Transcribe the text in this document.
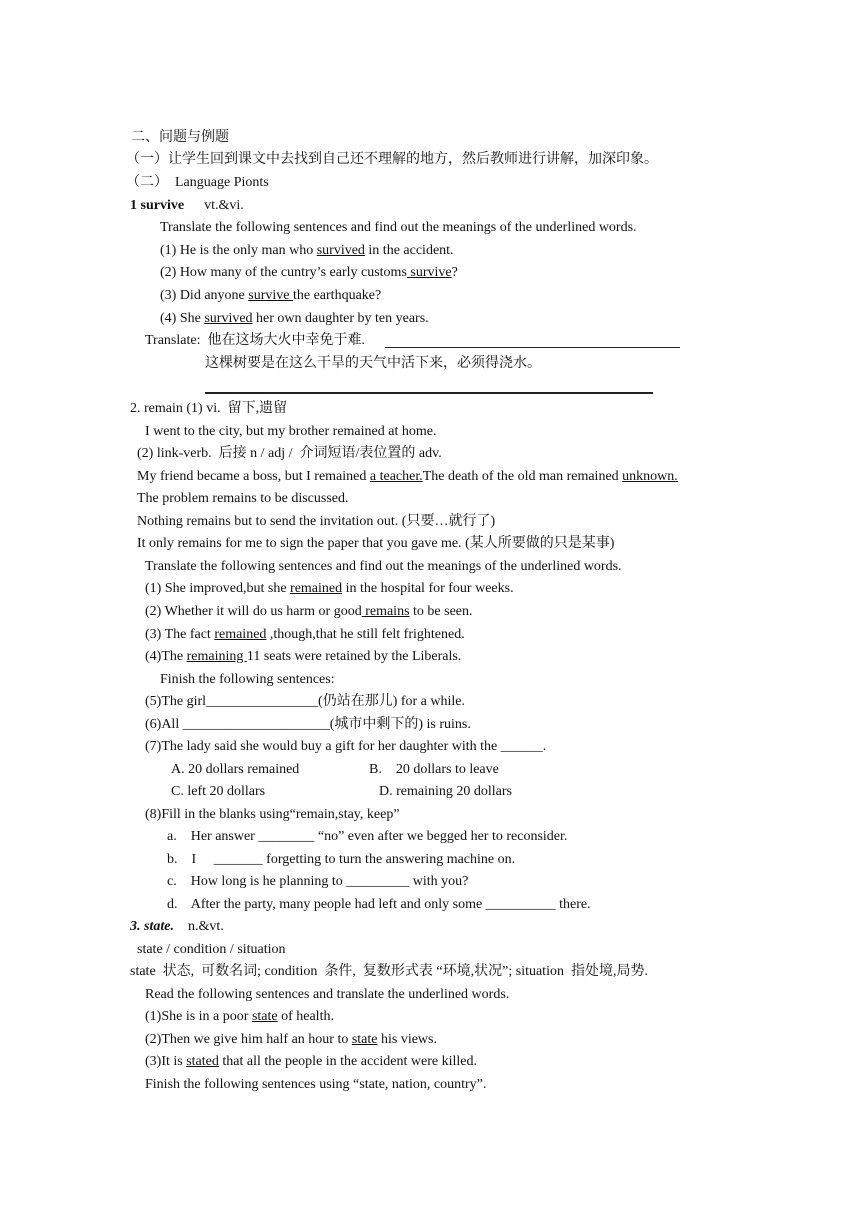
二、问题与例题
（一）让学生回到课文中去找到自己还不理解的地方，然后教师进行讲解，加深印象。
（二）  Language Pionts
1 survive vt.&vi.
Translate the following sentences and find out the meanings of the underlined words.
(1) He is the only man who survived in the accident.
(2) How many of the cuntry’s early customs survive?
(3) Did anyone survive the earthquake?
(4) She survived her own daughter by ten years.
Translate:  他在这场大火中幸免于难.
这棵树要是在这么干旱的天气中活下来，必须得浇水。
2. remain (1) vi.  留下,遗留
I went to the city, but my brother remained at home.
(2) link-verb.  后接 n / adj /  介词短语/表位置的 adv.
My friend became a boss, but I remained a teacher.The death of the old man remained unknown.
The problem remains to be discussed.
Nothing remains but to send the invitation out. (只要…就行了)
It only remains for me to sign the paper that you gave me. (某人所要做的只是某事)
Translate the following sentences and find out the meanings of the underlined words.
(1) She improved,but she remained in the hospital for four weeks.
(2) Whether it will do us harm or good remains to be seen.
(3) The fact remained ,though,that he still felt frightened.
(4)The remaining 11 seats were retained by the Liberals.
Finish the following sentences:
(5)The girl________________(仍站在那儿) for a while.
(6)All _____________________(城市中剩下的) is ruins.
(7)The lady said she would buy a gift for her daughter with the ______.
A. 20 dollars remained	B.    20 dollars to leave
C. left 20 dollars	D. remaining 20 dollars
(8)Fill in the blanks using“remain,stay, keep”
a.    Her answer ________ “no” even after we begged her to reconsider.
b.    I     _______ forgetting to turn the answering machine on.
c.    How long is he planning to _________ with you?
d.    After the party, many people had left and only some __________ there.
3. state. n.&vt.
state / condition / situation
state  状态,  可数名词; condition  条件,  复数形式表 “环境,状况”; situation  指处境,局势.
Read the following sentences and translate the underlined words.
(1)She is in a poor state of health.
(2)Then we give him half an hour to state his views.
(3)It is stated that all the people in the accident were killed.
Finish the following sentences using “state, nation, country”.
